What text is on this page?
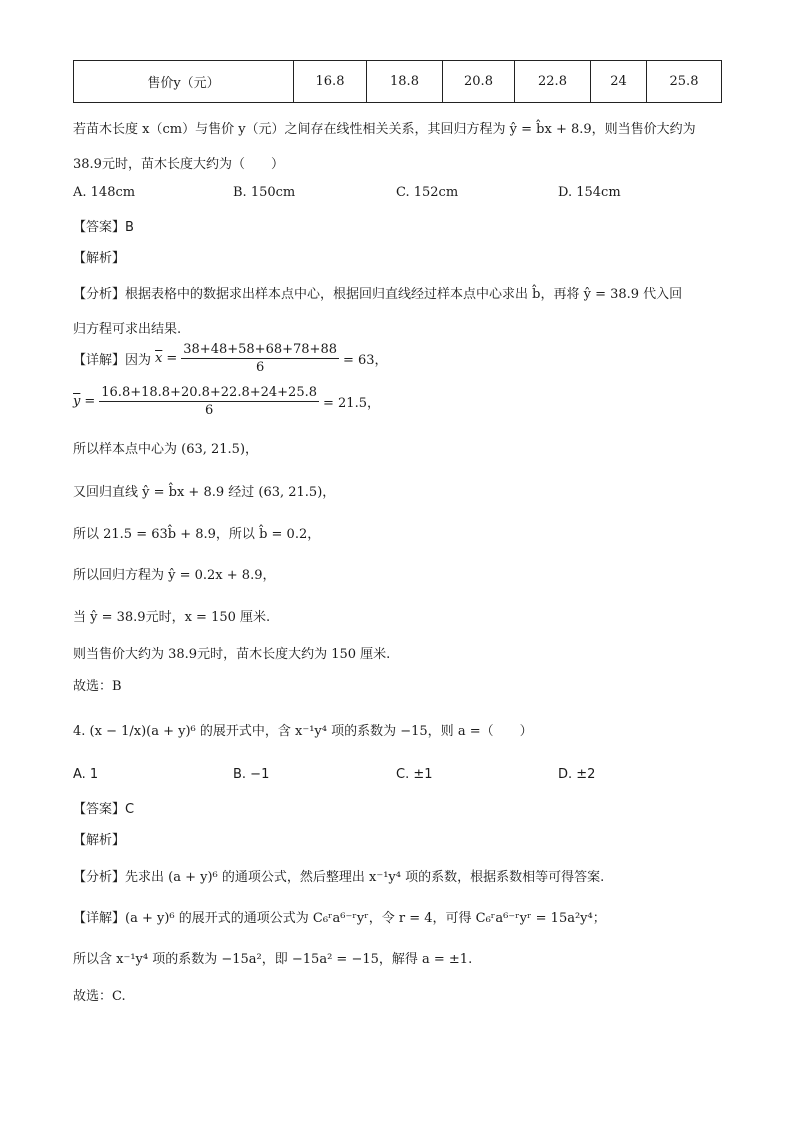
售价y（元）	16.8	18.8	20.8	22.8	24	25.8
若苗木长度 x（cm）与售价 y（元）之间存在线性相关关系，其回归方程为 ŷ = b̂x + 8.9，则当售价大约为
38.9元时，苗木长度大约为（　　）
A. 148cm	B. 150cm	C. 152cm	D. 154cm
【答案】B
【解析】
【分析】根据表格中的数据求出样本点中心，根据回归直线经过样本点中心求出 b̂，再将 ŷ = 38.9 代入回
归方程可求出结果.
【详解】因为 $\overline{x} = \frac{38+48+58+68+78+88}{6} = 63$，
$\overline{y} = \frac{16.8+18.8+20.8+22.8+24+25.8}{6} = 21.5$，
所以样本点中心为 (63, 21.5)，
又回归直线 ŷ = b̂x + 8.9 经过 (63, 21.5)，
所以 21.5 = 63b̂ + 8.9，所以 b̂ = 0.2，
所以回归方程为 ŷ = 0.2x + 8.9，
当 ŷ = 38.9元时，x = 150 厘米.
则当售价大约为 38.9元时，苗木长度大约为 150 厘米.
故选：B
4. (x − 1/x)(a + y)⁶ 的展开式中，含 x⁻¹y⁴ 项的系数为 −15，则 a =（　　）
A. 1	B. −1	C. ±1	D. ±2
【答案】C
【解析】
【分析】先求出 (a + y)⁶ 的通项公式，然后整理出 x⁻¹y⁴ 项的系数，根据系数相等可得答案.
【详解】(a + y)⁶ 的展开式的通项公式为 C₆ʳa⁶⁻ʳyʳ，令 r = 4，可得 C₆ʳa⁶⁻ʳyʳ = 15a²y⁴；
所以含 x⁻¹y⁴ 项的系数为 −15a²，即 −15a² = −15，解得 a = ±1.
故选：C.
